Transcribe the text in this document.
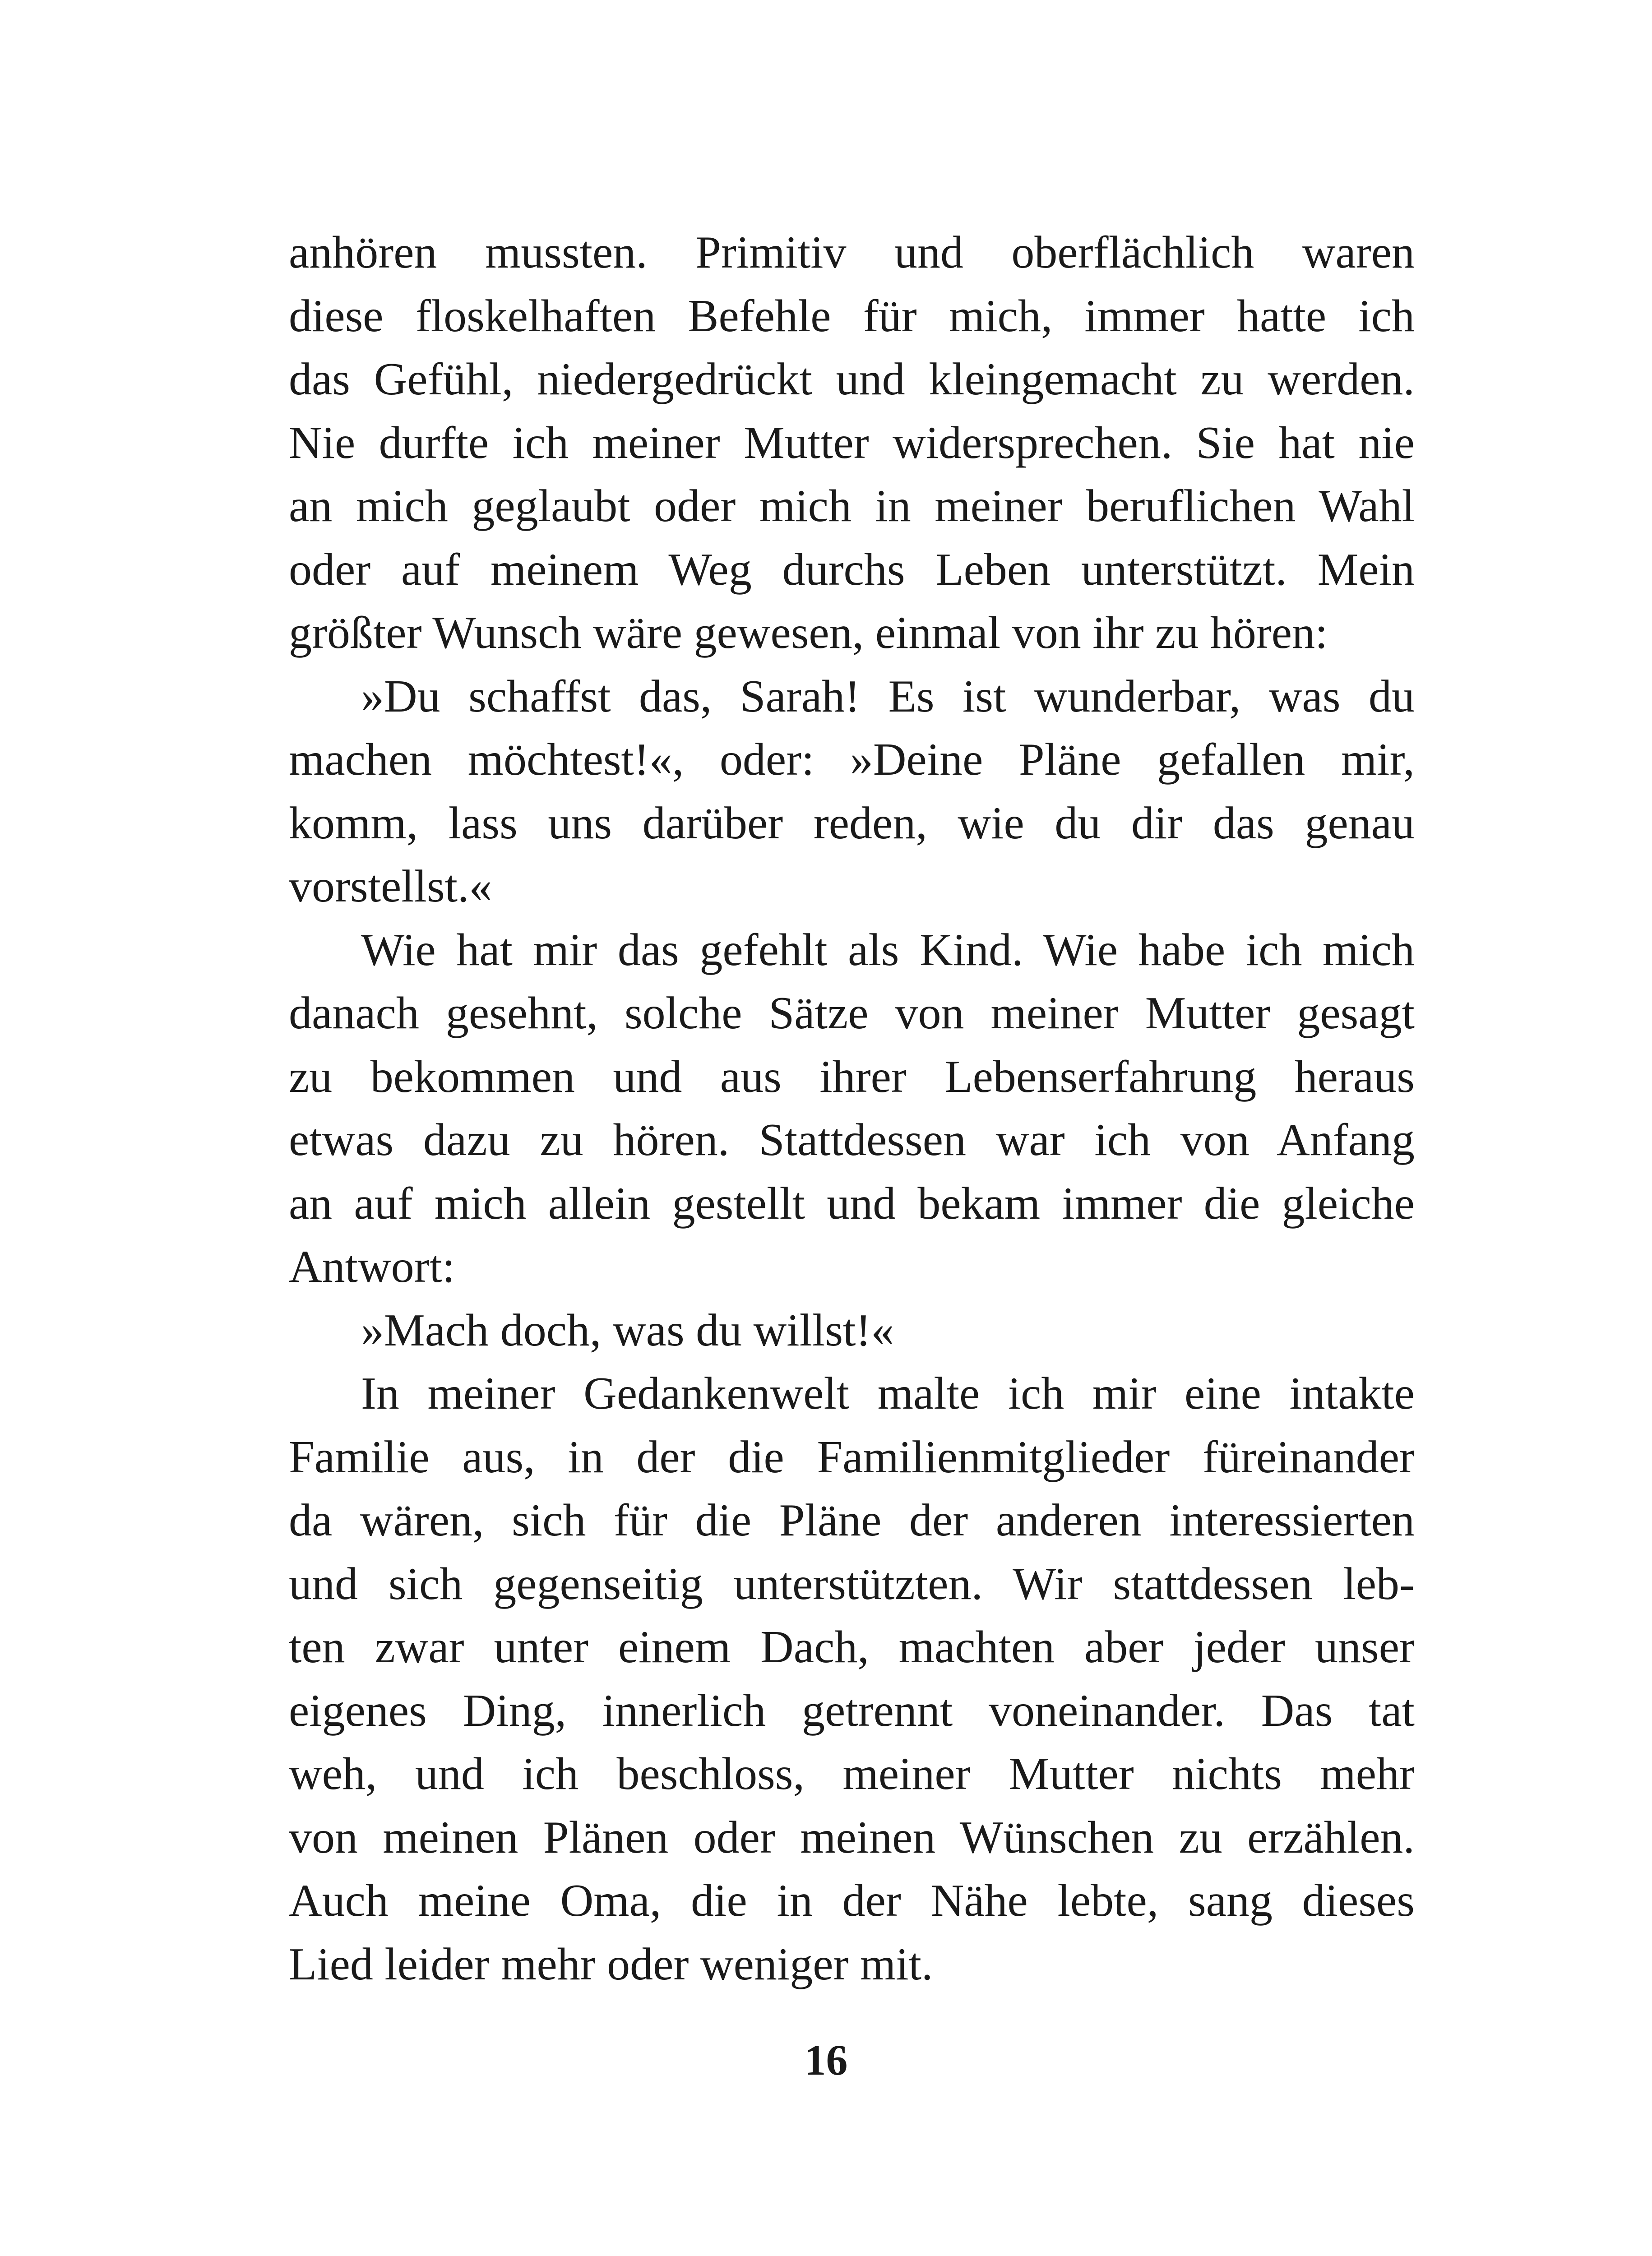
anhören mussten. Primitiv und oberflächlich waren
diese floskelhaften Befehle für mich, immer hatte ich
das Gefühl, niedergedrückt und kleingemacht zu werden.
Nie durfte ich meiner Mutter widersprechen. Sie hat nie
an mich geglaubt oder mich in meiner beruflichen Wahl
oder auf meinem Weg durchs Leben unterstützt. Mein
größter Wunsch wäre gewesen, einmal von ihr zu hören:

»Du schaffst das, Sarah! Es ist wunderbar, was du
machen möchtest!«, oder: »Deine Pläne gefallen mir,
komm, lass uns darüber reden, wie du dir das genau
vorstellst.«

Wie hat mir das gefehlt als Kind. Wie habe ich mich
danach gesehnt, solche Sätze von meiner Mutter gesagt
zu bekommen und aus ihrer Lebenserfahrung heraus
etwas dazu zu hören. Stattdessen war ich von Anfang
an auf mich allein gestellt und bekam immer die gleiche
Antwort:

»Mach doch, was du willst!«

In meiner Gedankenwelt malte ich mir eine intakte
Familie aus, in der die Familienmitglieder füreinander
da wären, sich für die Pläne der anderen interessierten
und sich gegenseitig unterstützten. Wir stattdessen leb-
ten zwar unter einem Dach, machten aber jeder unser
eigenes Ding, innerlich getrennt voneinander. Das tat
weh, und ich beschloss, meiner Mutter nichts mehr
von meinen Plänen oder meinen Wünschen zu erzählen.
Auch meine Oma, die in der Nähe lebte, sang dieses
Lied leider mehr oder weniger mit.

16
